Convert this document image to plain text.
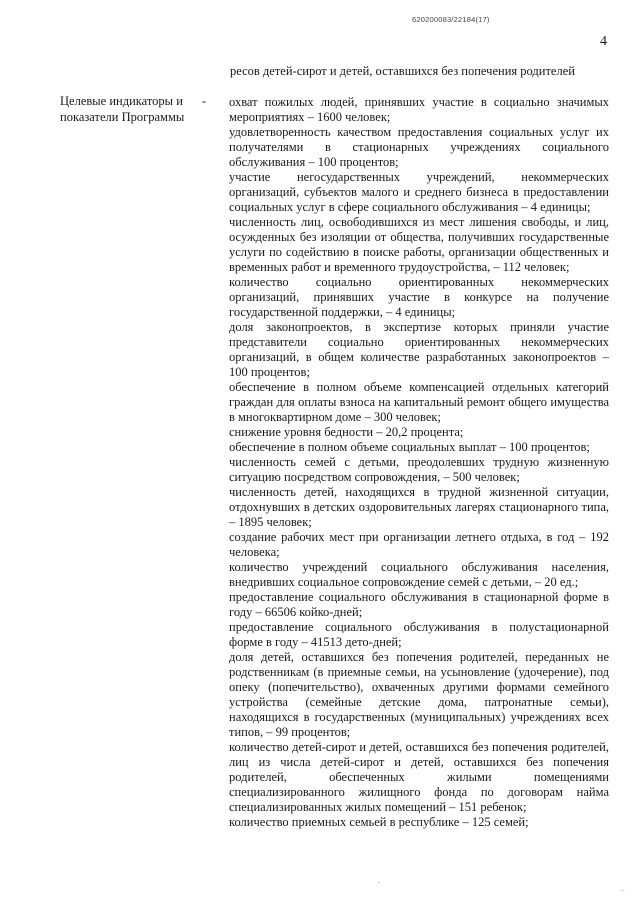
620200083/22184(17)
4
ресов детей-сирот и детей, оставшихся без попечения родителей
Целевые индикаторы и показатели Программы
- охват пожилых людей, принявших участие в социально значимых мероприятиях – 1600 человек;

удовлетворенность качеством предоставления социальных услуг их получателями в стационарных учреждениях социального обслуживания – 100 процентов;

участие негосударственных учреждений, некоммерческих организаций, субъектов малого и среднего бизнеса в предоставлении социальных услуг в сфере социального обслуживания – 4 единицы;

численность лиц, освободившихся из мест лишения свободы, и лиц, осужденных без изоляции от общества, получивших государственные услуги по содействию в поиске работы, организации общественных и временных работ и временного трудоустройства, – 112 человек;

количество социально ориентированных некоммерческих организаций, принявших участие в конкурсе на получение государственной поддержки, – 4 единицы;

доля законопроектов, в экспертизе которых приняли участие представители социально ориентированных некоммерческих организаций, в общем количестве разработанных законопроектов – 100 процентов;

обеспечение в полном объеме компенсацией отдельных категорий граждан для оплаты взноса на капитальный ремонт общего имущества в многоквартирном доме – 300 человек;

снижение уровня бедности – 20,2 процента;

обеспечение в полном объеме социальных выплат – 100 процентов;

численность семей с детьми, преодолевших трудную жизненную ситуацию посредством сопровождения, – 500 человек;

численность детей, находящихся в трудной жизненной ситуации, отдохнувших в детских оздоровительных лагерях стационарного типа, – 1895 человек;

создание рабочих мест при организации летнего отдыха, в год – 192 человека;

количество учреждений социального обслуживания населения, внедривших социальное сопровождение семей с детьми, – 20 ед.;

предоставление социального обслуживания в стационарной форме в году – 66506 койко-дней;

предоставление социального обслуживания в полустационарной форме в году – 41513 дето-дней;

доля детей, оставшихся без попечения родителей, переданных не родственникам (в приемные семьи, на усыновление (удочерение), под опеку (попечительство), охваченных другими формами семейного устройства (семейные детские дома, патронатные семьи), находящихся в государственных (муниципальных) учреждениях всех типов, – 99 процентов;

количество детей-сирот и детей, оставшихся без попечения родителей, лиц из числа детей-сирот и детей, оставшихся без попечения родителей, обеспеченных жилыми помещениями специализированного жилищного фонда по договорам найма специализированных жилых помещений – 151 ребенок;

количество приемных семьей в республике – 125 семей;

.
‾
